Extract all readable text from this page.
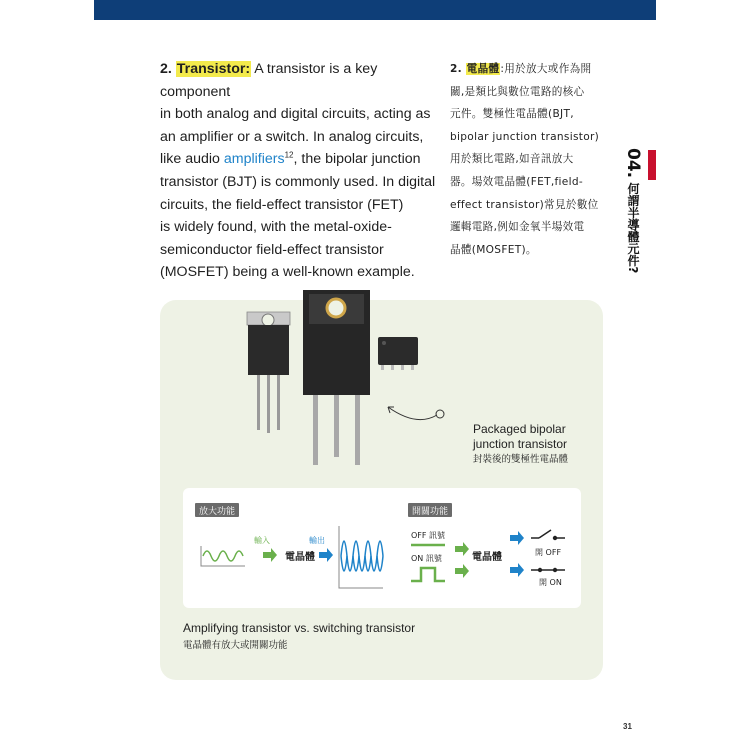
2. Transistor: A transistor is a key component
in both analog and digital circuits, acting as
an amplifier or a switch. In analog circuits,
like audio amplifiers$^{12}$, the bipolar junction
transistor (BJT) is commonly used. In digital
circuits, the field-effect transistor (FET)
is widely found, with the metal-oxide-
semiconductor field-effect transistor
(MOSFET) being a well-known example.
2. 電晶體:用於放大或作為開
關,是類比與數位電路的核心
元件。雙極性電晶體(BJT,
bipolar junction transistor)
用於類比電路,如音訊放大
器。場效電晶體(FET,field-
effect transistor)常見於數位
邏輯電路,例如金氧半場效電
晶體(MOSFET)。
04. 何謂半導體元件?
Packaged bipolar
junction transistor
封裝後的雙極性電晶體
放大功能	開關功能
輸入
電晶體
輸出
OFF 訊號
ON 訊號	電晶體	開 OFF
開 ON
Amplifying transistor vs. switching transistor
電晶體有放大或開關功能
31
